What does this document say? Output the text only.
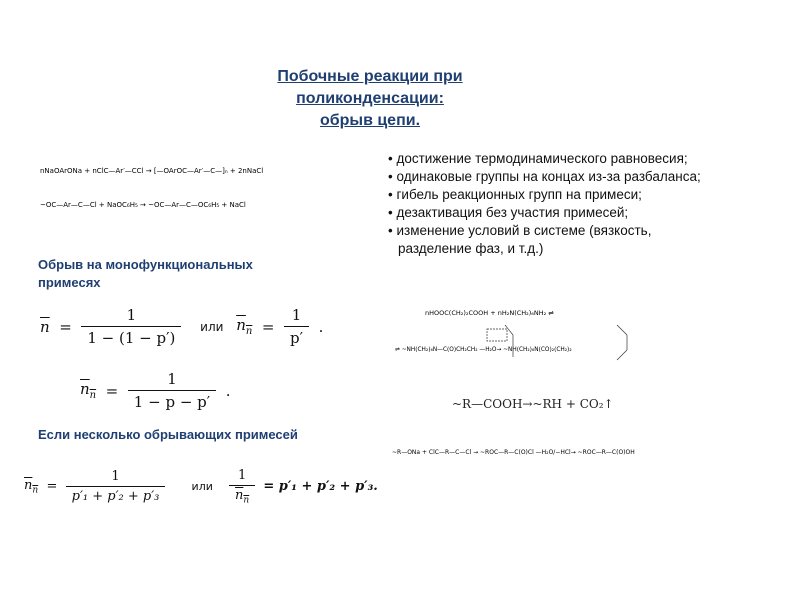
Побочные реакции при
поликонденсации:
обрыв цепи.
• достижение термодинамического равновесия;
• одинаковые группы на концах из-за разбаланса;
• гибель реакционных групп на примеси;
• дезактивация без участия примесей;
• изменение условий в системе (вязкость, разделение фаз, и т.д.)
nNaOArONa + nClC—Ar′—CCl → [—OArOC—Ar′—C—]ₙ + 2nNaCl
~OC—Ar—C—Cl + NaOC₆H₅ → ~OC—Ar—C—OC₆H₅ + NaCl
Обрыв на монофункциональных примесях
$\overline{n} = \frac{1}{1 - (1 - p')}$ или $n_n = \frac{1}{p'}$ .
$n_n = \frac{1}{1 - p - p'}$ .
Если несколько обрывающих примесей
$n_n = \frac{1}{\text{p′₁ + p′₂ + p′₃}}$ или $\frac{1}{n_n} = p'_1 + p'_2 + p'_3$.
nHOOC(CH₂)₂COOH + nH₂N(CH₂)₆NH₂ ⇌
⇌ ~NH(CH₂)₆N—C(O)CH₂CH₂ —H₂O→ ~NH(CH₂)₆N(CO)₂(CH₂)₂
~R—COOH→~RH + CO₂↑
~R—ONa + ClC—R—C—Cl → ~ROC—R—C(O)Cl —H₂O/−HCl→ ~ROC—R—C(O)OH
